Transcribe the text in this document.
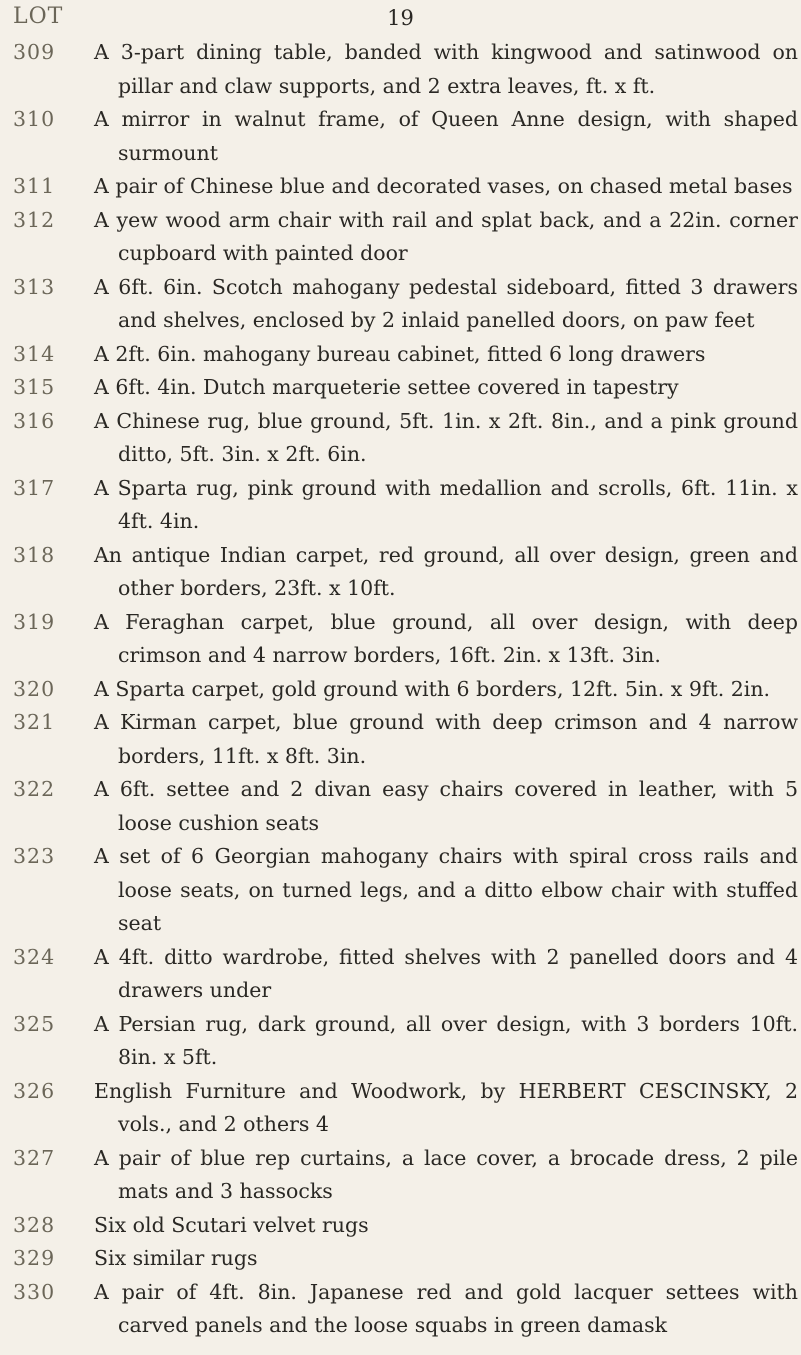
19
LOT
309	A 3-part dining table, banded with kingwood and satinwood on pillar and claw supports, and 2 extra leaves, ft. x ft.
310	A mirror in walnut frame, of Queen Anne design, with shaped surmount
311	A pair of Chinese blue and decorated vases, on chased metal bases
312	A yew wood arm chair with rail and splat back, and a 22in. corner cupboard with painted door
313	A 6ft. 6in. Scotch mahogany pedestal sideboard, fitted 3 drawers and shelves, enclosed by 2 inlaid panelled doors, on paw feet
314	A 2ft. 6in. mahogany bureau cabinet, fitted 6 long drawers
315	A 6ft. 4in. Dutch marqueterie settee covered in tapestry
316	A Chinese rug, blue ground, 5ft. 1in. x 2ft. 8in., and a pink ground ditto, 5ft. 3in. x 2ft. 6in.
317	A Sparta rug, pink ground with medallion and scrolls, 6ft. 11in. x 4ft. 4in.
318	An antique Indian carpet, red ground, all over design, green and other borders, 23ft. x 10ft.
319	A Feraghan carpet, blue ground, all over design, with deep crimson and 4 narrow borders, 16ft. 2in. x 13ft. 3in.
320	A Sparta carpet, gold ground with 6 borders, 12ft. 5in. x 9ft. 2in.
321	A Kirman carpet, blue ground with deep crimson and 4 narrow borders, 11ft. x 8ft. 3in.
322	A 6ft. settee and 2 divan easy chairs covered in leather, with 5 loose cushion seats
323	A set of 6 Georgian mahogany chairs with spiral cross rails and loose seats, on turned legs, and a ditto elbow chair with stuffed seat
324	A 4ft. ditto wardrobe, fitted shelves with 2 panelled doors and 4 drawers under
325	A Persian rug, dark ground, all over design, with 3 borders 10ft. 8in. x 5ft.
326	English Furniture and Woodwork, by HERBERT CESCINSKY, 2 vols., and 2 others 4
327	A pair of blue rep curtains, a lace cover, a brocade dress, 2 pile mats and 3 hassocks
328	Six old Scutari velvet rugs
329	Six similar rugs
330	A pair of 4ft. 8in. Japanese red and gold lacquer settees with carved panels and the loose squabs in green damask
